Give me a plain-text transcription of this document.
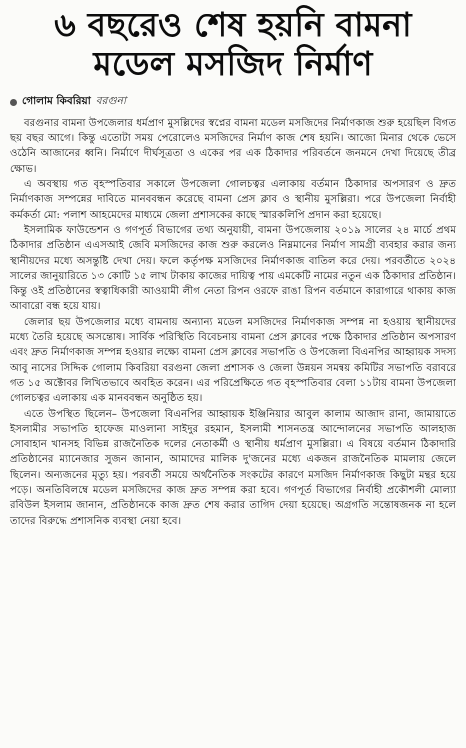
৬ বছরেও শেষ হয়নি বামনা
মডেল মসজিদ নির্মাণ
গোলাম কিবরিয়া বরগুনা

বরগুনার বামনা উপজেলার ধর্মপ্রাণ মুসল্লিদের স্বপ্নের বামনা মডেল মসজিদের নির্মাণকাজ শুরু হয়েছিল বিগত ছয় বছর আগে। কিন্তু এতোটা সময় পেরোলেও মসজিদের নির্মাণ কাজ শেষ হয়নি। আজো মিনার থেকে ভেসে ওঠেনি আজানের ধ্বনি। নির্মাণে দীর্ঘসূত্রতা ও একের পর এক ঠিকাদার পরিবর্তনে জনমনে দেখা দিয়েছে তীব্র ক্ষোভ।

এ অবস্থায় গত বৃহস্পতিবার সকালে উপজেলা গোলচত্বর এলাকায় বর্তমান ঠিকাদার অপসারণ ও দ্রুত নির্মাণকাজ সম্পন্নের দাবিতে মানববন্ধন করেছে বামনা প্রেস ক্লাব ও স্থানীয় মুসল্লিরা। পরে উপজেলা নির্বাহী কর্মকর্তা মো: পলাশ আহমেদের মাধ্যমে জেলা প্রশাসকের কাছে স্মারকলিপি প্রদান করা হয়েছে।

ইসলামিক ফাউন্ডেশন ও গণপূর্ত বিভাগের তথ্য অনুযায়ী, বামনা উপজেলায় ২০১৯ সালের ২৪ মার্চে প্রথম ঠিকাদার প্রতিষ্ঠান এএসআই জেবি মসজিদের কাজ শুরু করলেও নিম্নমানের নির্মাণ সামগ্রী ব্যবহার করার জন্য স্থানীয়দের মধ্যে অসন্তুষ্টি দেখা দেয়। ফলে কর্তৃপক্ষ মসজিদের নির্মাণকাজ বাতিল করে দেয়। পরবর্তীতে ২০২৪ সালের জানুয়ারিতে ১৩ কোটি ১৫ লাখ টাকায় কাজের দায়িত্ব পায় এমকেটি নামের নতুন এক ঠিকাদার প্রতিষ্ঠান। কিন্তু ওই প্রতিষ্ঠানের স্বত্বাধিকারী আওয়ামী লীগ নেতা রিপন ওরফে রাঙা রিপন বর্তমানে কারাগারে থাকায় কাজ আবারো বন্ধ হয়ে যায়।

জেলার ছয় উপজেলার মধ্যে বামনায় অন্যান্য মডেল মসজিদের নির্মাণকাজ সম্পন্ন না হওয়ায় স্থানীয়দের মধ্যে তৈরি হয়েছে অসন্তোষ। সার্বিক পরিস্থিতি বিবেচনায় বামনা প্রেস ক্লাবের পক্ষে ঠিকাদার প্রতিষ্ঠান অপসারণ এবং দ্রুত নির্মাণকাজ সম্পন্ন হওয়ার লক্ষ্যে বামনা প্রেস ক্লাবের সভাপতি ও উপজেলা বিএনপির আহ্বায়ক সদস্য আবু নাসের সিদ্দিক গোলাম কিবরিয়া বরগুনা জেলা প্রশাসক ও জেলা উন্নয়ন সমন্বয় কমিটির সভাপতি বরাবরে গত ১৫ অক্টোবর লিখিতভাবে অবহিত করেন। এর পরিপ্রেক্ষিতে গত বৃহস্পতিবার বেলা ১১টায় বামনা উপজেলা গোলচত্বর এলাকায় এক মানববন্ধন অনুষ্ঠিত হয়।

এতে উপস্থিত ছিলেন– উপজেলা বিএনপির আহ্বায়ক ইঞ্জিনিয়ার আবুল কালাম আজাদ রানা, জামায়াতে ইসলামীর সভাপতি হাফেজ মাওলানা সাইদুর রহমান, ইসলামী শাসনতন্ত্র আন্দোলনের সভাপতি আলহাজ সোবাহান খানসহ বিভিন্ন রাজনৈতিক দলের নেতাকর্মী ও স্থানীয় ধর্মপ্রাণ মুসল্লিরা। এ বিষয়ে বর্তমান ঠিকাদারি প্রতিষ্ঠানের ম্যানেজার সুজন জানান, আমাদের মালিক দু'জনের মধ্যে একজন রাজনৈতিক মামলায় জেলে ছিলেন। অন্যজনের মৃত্যু হয়। পরবর্তী সময়ে অর্থনৈতিক সংকটের কারণে মসজিদ নির্মাণকাজ কিছুটা মন্থর হয়ে পড়ে। অনতিবিলম্বে মডেল মসজিদের কাজ দ্রুত সম্পন্ন করা হবে। গণপূর্ত বিভাগের নির্বাহী প্রকৌশলী মোল্যা রবিউল ইসলাম জানান, প্রতিষ্ঠানকে কাজ দ্রুত শেষ করার তাগিদ দেয়া হয়েছে। অগ্রগতি সন্তোষজনক না হলে তাদের বিরুদ্ধে প্রশাসনিক ব্যবস্থা নেয়া হবে।
